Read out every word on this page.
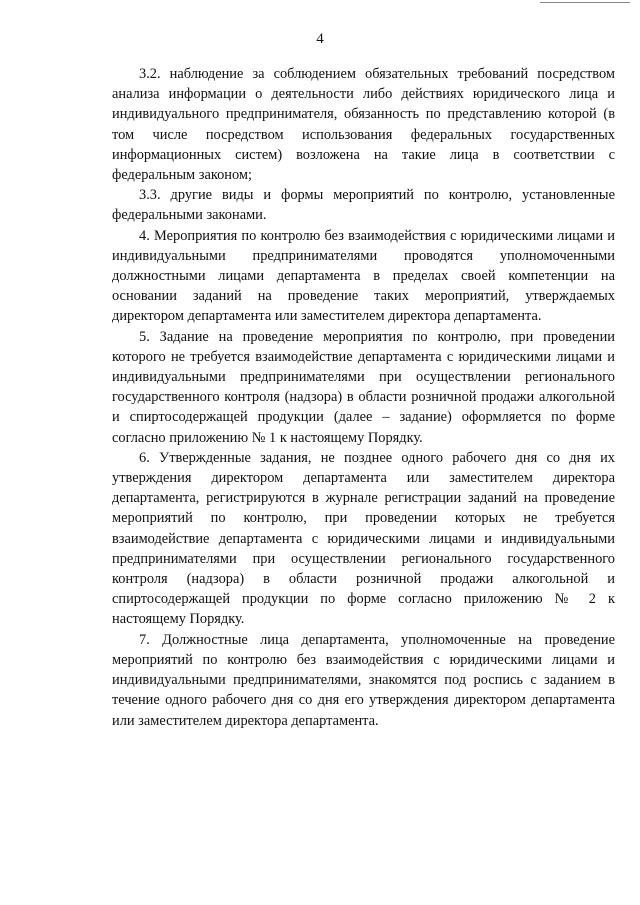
4

3.2. наблюдение за соблюдением обязательных требований посредством анализа информации о деятельности либо действиях юридического лица и индивидуального предпринимателя, обязанность по представлению которой (в том числе посредством использования федеральных государственных информационных систем) возложена на такие лица в соответствии с федеральным законом;

3.3. другие виды и формы мероприятий по контролю, установленные федеральными законами.

4. Мероприятия по контролю без взаимодействия с юридическими лицами и индивидуальными предпринимателями проводятся уполномоченными должностными лицами департамента в пределах своей компетенции на основании заданий на проведение таких мероприятий, утверждаемых директором департамента или заместителем директора департамента.

5. Задание на проведение мероприятия по контролю, при проведении которого не требуется взаимодействие департамента с юридическими лицами и индивидуальными предпринимателями при осуществлении регионального государственного контроля (надзора) в области розничной продажи алкогольной и спиртосодержащей продукции (далее – задание) оформляется по форме согласно приложению № 1 к настоящему Порядку.

6. Утвержденные задания, не позднее одного рабочего дня со дня их утверждения директором департамента или заместителем директора департамента, регистрируются в журнале регистрации заданий на проведение мероприятий по контролю, при проведении которых не требуется взаимодействие департамента с юридическими лицами и индивидуальными предпринимателями при осуществлении регионального государственного контроля (надзора) в области розничной продажи алкогольной и спиртосодержащей продукции по форме согласно приложению № 2 к настоящему Порядку.

7. Должностные лица департамента, уполномоченные на проведение мероприятий по контролю без взаимодействия с юридическими лицами и индивидуальными предпринимателями, знакомятся под роспись с заданием в течение одного рабочего дня со дня его утверждения директором департамента или заместителем директора департамента.
